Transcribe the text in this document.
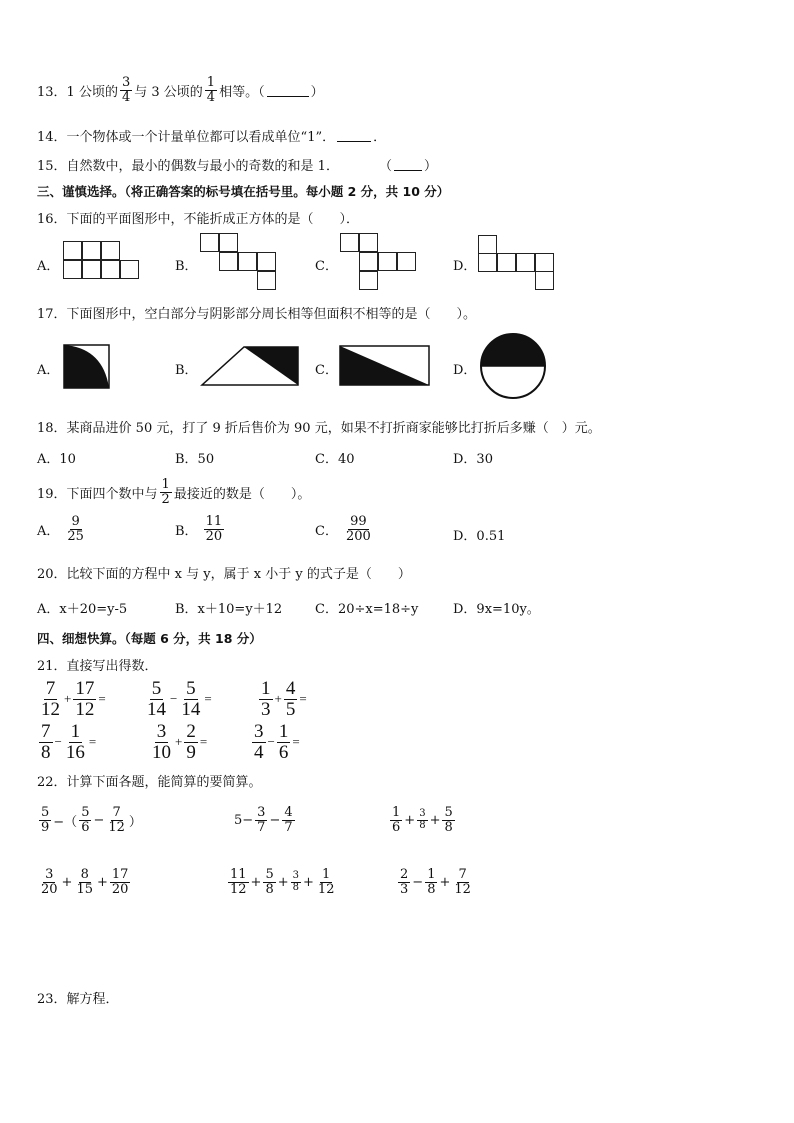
13． 1 公顷的 $\frac{3}{4}$ 与 3 公顷的 $\frac{1}{4}$ 相等。（	）
14．一个物体或一个计量单位都可以看成单位“1”．	．
15．自然数中，最小的偶数与最小的奇数的和是 1．	（ ）
三、谨慎选择。（将正确答案的标号填在括号里。每小题 2 分，共 10 分）
16．下面的平面图形中，不能折成正方体的是（　　）．
A．	B．	C．	D．
17．下面图形中，空白部分与阴影部分周长相等但面积不相等的是（　　）。
A．	B．	C．	D．
18．某商品进价 50 元，打了 9 折后售价为 90 元，如果不打折商家能够比打折后多赚（　）元。
A．10	B．50	C．40	D．30
19．下面四个数中与 $\frac{1}{2}$ 最接近的数是（　　）。
A． $\frac{9}{25}$	B． $\frac{11}{20}$	C． $\frac{99}{200}$	D．0.51
20．比较下面的方程中 x 与 y，属于 x 小于 y 的式子是（　　）
A．x＋20=y-5	B．x＋10=y＋12	C．20÷x=18÷y	D．9x=10y。
四、细想快算。（每题 6 分，共 18 分）
21．直接写出得数．
$\frac{7}{12} + \frac{17}{12} = \frac{5}{14} - \frac{5}{14} = \frac{1}{3} + \frac{4}{5}$ =
$\frac{7}{8} - \frac{1}{16}$ =	$\frac{3}{10} + \frac{2}{9} = \frac{3}{4} - \frac{1}{6}$ =
22．计算下面各题，能简算的要简算。
$\frac{5}{9}$ −（ $\frac{5}{6} - \frac{7}{12}$ ）	$5- \frac{3}{7} - \frac{4}{7}$	$\frac{1}{6} + \frac{3}{8} + \frac{5}{8}$
$\frac{3}{20} + \frac{8}{15} + \frac{17}{20}$	$\frac{11}{12} + \frac{5}{8} + \frac{3}{8} + \frac{1}{12}$	$\frac{2}{3} - \frac{1}{8} + \frac{7}{12}$
23．解方程．
